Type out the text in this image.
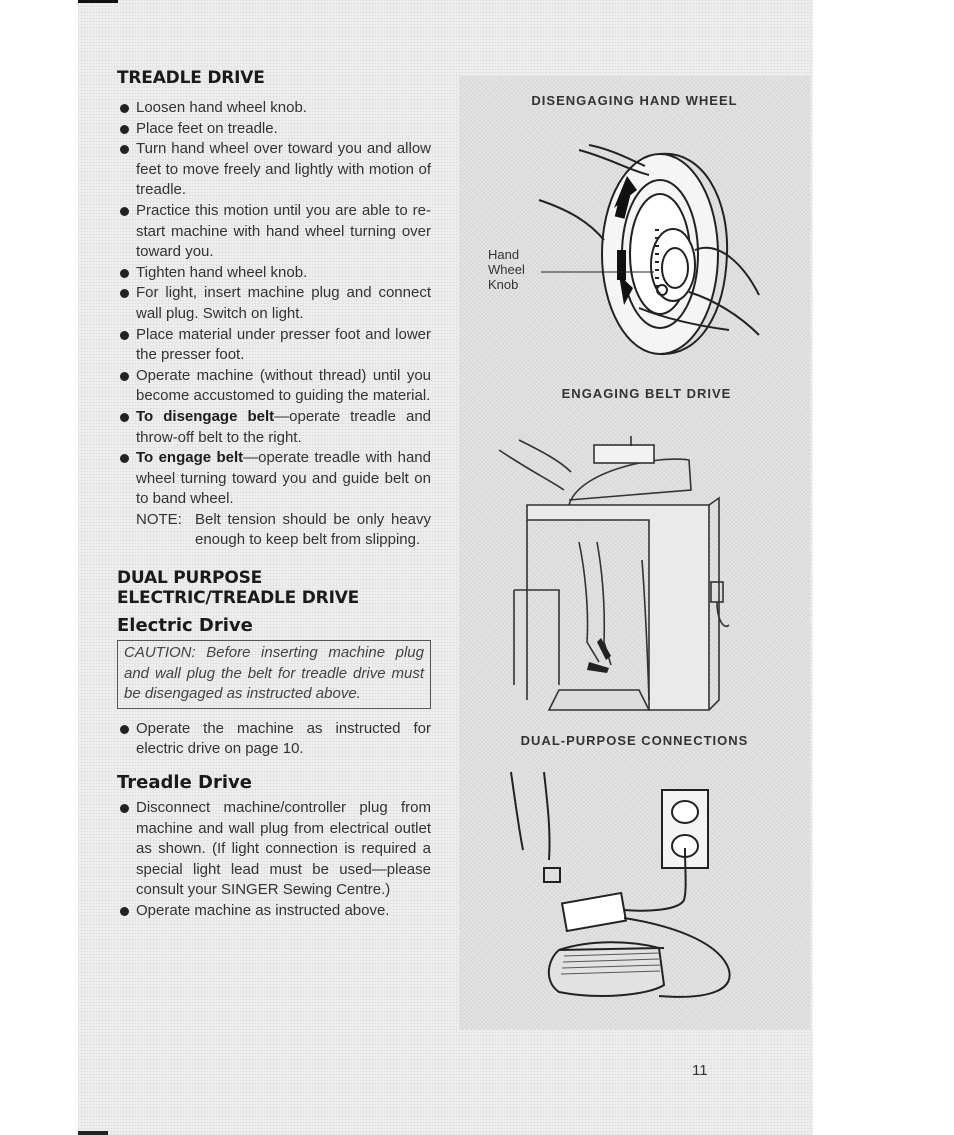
TREADLE DRIVE
Loosen hand wheel knob.
Place feet on treadle.
Turn hand wheel over toward you and allow feet to move freely and lightly with motion of treadle.
Practice this motion until you are able to re-start machine with hand wheel turning over toward you.
Tighten hand wheel knob.
For light, insert machine plug and connect wall plug. Switch on light.
Place material under presser foot and lower the presser foot.
Operate machine (without thread) until you become accustomed to guiding the material.
To disengage belt—operate treadle and throw-off belt to the right.
To engage belt—operate treadle with hand wheel turning toward you and guide belt on to band wheel.
NOTE: Belt tension should be only heavy enough to keep belt from slipping.
DUAL PURPOSE
ELECTRIC/TREADLE DRIVE
Electric Drive
CAUTION: Before inserting machine plug and wall plug the belt for treadle drive must be disengaged as instructed above.
Operate the machine as instructed for electric drive on page 10.
Treadle Drive
Disconnect machine/controller plug from machine and wall plug from electrical outlet as shown. (If light connection is required a special light lead must be used—please consult your SINGER Sewing Centre.)
Operate machine as instructed above.
DISENGAGING HAND WHEEL
ENGAGING BELT DRIVE
DUAL-PURPOSE CONNECTIONS
Hand
Wheel
Knob
11
